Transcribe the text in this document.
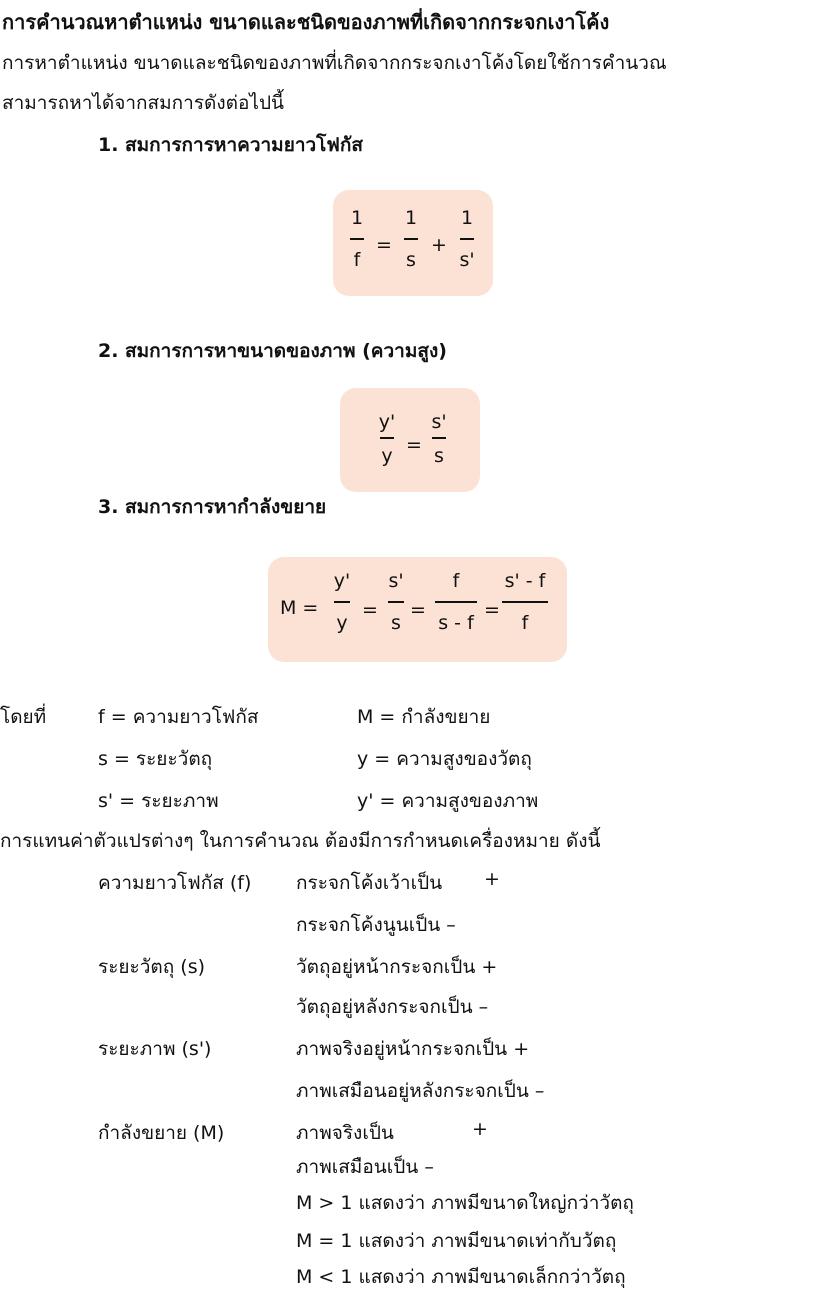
การคำนวณหาตำแหน่ง ขนาดและชนิดของภาพที่เกิดจากกระจกเงาโค้ง
การหาตำแหน่ง ขนาดและชนิดของภาพที่เกิดจากกระจกเงาโค้งโดยใช้การคำนวณ
สามารถหาได้จากสมการดังต่อไปนี้
1. สมการการหาความยาวโฟกัส
1
f
=
1
s
+
1
s'
2. สมการการหาขนาดของภาพ (ความสูง)
y'
y =
s'
s
3. สมการการหากำลังขยาย
M =
y'
y
=
s'
s
=
f
s - f
=
s' - f
f
โดยที่	f = ความยาวโฟกัส	M = กำลังขยาย
s = ระยะวัตถุ	y = ความสูงของวัตถุ
s' = ระยะภาพ	y' = ความสูงของภาพ
การแทนค่าตัวแปรต่างๆ ในการคำนวณ ต้องมีการกำหนดเครื่องหมาย ดังนี้
ความยาวโฟกัส (f) กระจกโค้งเว้าเป็น +
กระจกโค้งนูนเป็น –
ระยะวัตถุ (s)	วัตถุอยู่หน้ากระจกเป็น +
วัตถุอยู่หลังกระจกเป็น –
ระยะภาพ (s')	ภาพจริงอยู่หน้ากระจกเป็น +
ภาพเสมือนอยู่หลังกระจกเป็น –
กำลังขยาย (M)	ภาพจริงเป็น	+
ภาพเสมือนเป็น –
M > 1 แสดงว่า ภาพมีขนาดใหญ่กว่าวัตถุ
M = 1 แสดงว่า ภาพมีขนาดเท่ากับวัตถุ
M < 1 แสดงว่า ภาพมีขนาดเล็กกว่าวัตถุ
